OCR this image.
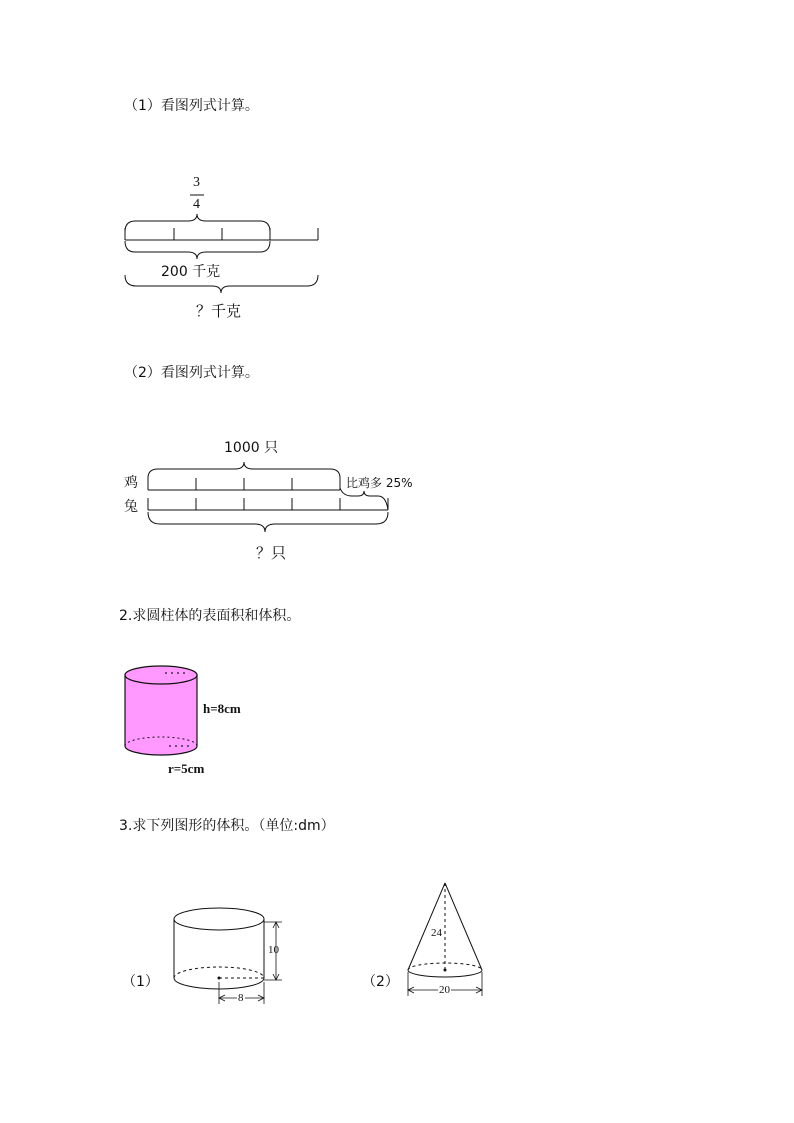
（1）看图列式计算。
3
4
200 千克
？千克
（2）看图列式计算。
1000 只
鸡
兔
比鸡多 25%
？只
2.求圆柱体的表面积和体积。
h=8cm
r=5cm
3.求下列图形的体积。（单位:dm）
（1）
10
8
（2）
24
20
